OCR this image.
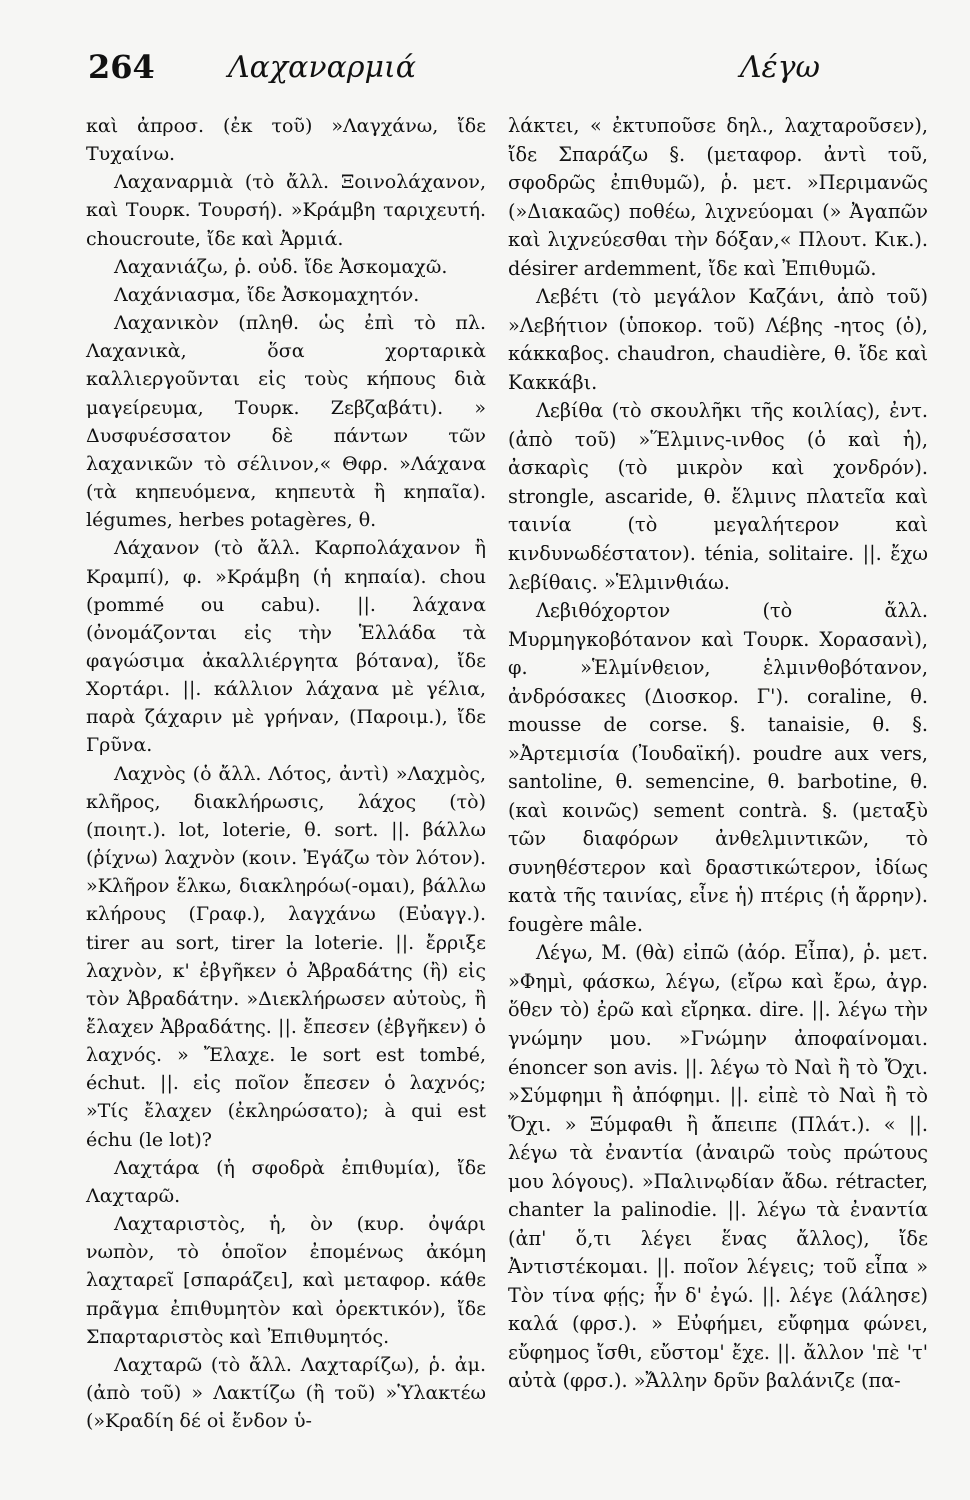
264 Λαχαναρμιά	Λέγω

καὶ ἀπροσ. (ἐκ τοῦ) »Λαγχάνω, ἴδε Τυχαίνω.

Λαχαναρμιὰ (τὸ ἄλλ. Ξοινολάχανον, καὶ Τουρκ. Τουρσή). »Κράμβη ταριχευτή. choucroute, ἴδε καὶ Ἀρμιά.

Λαχανιάζω, ῥ. οὐδ. ἴδε Ἀσκομαχῶ.

Λαχάνιασμα, ἴδε Ἀσκομαχητόν.

Λαχανικὸν (πληθ. ὡς ἐπὶ τὸ πλ. Λαχανικὰ, ὅσα χορταρικὰ καλλιεργοῦνται εἰς τοὺς κήπους διὰ μαγείρευμα, Τουρκ. Ζεβζαβάτι). » Δυσφυέσσατον δὲ πάντων τῶν λαχανικῶν τὸ σέλινον,« Θφρ. »Λάχανα (τὰ κηπευόμενα, κηπευτὰ ἢ κηπαῖα). légumes, herbes potagères, θ.

Λάχανον (τὸ ἄλλ. Καρπολάχανον ἢ Κραμπί), φ. »Κράμβη (ἡ κηπαία). chou (pommé ou cabu). ||. λάχανα (ὀνομάζονται εἰς τὴν Ἑλλάδα τὰ φαγώσιμα ἀκαλλιέργητα βότανα), ἴδε Χορτάρι. ||. κάλλιον λάχανα μὲ γέλια, παρὰ ζάχαριν μὲ γρήναν, (Παροιμ.), ἴδε Γρῦνα.

Λαχνὸς (ὁ ἄλλ. Λότος, ἀντὶ) »Λαχμὸς, κλῆρος, διακλήρωσις, λάχος (τὸ) (ποιητ.). lot, loterie, θ. sort. ||. βάλλω (ῥίχνω) λαχνὸν (κοιν. Ἐγάζω τὸν λότον). »Κλῆρον ἕλκω, διακληρόω(-ομαι), βάλλω κλήρους (Γραφ.), λαγχάνω (Εὐαγγ.). tirer au sort, tirer la loterie. ||. ἔρριξε λαχνὸν, κ' ἐβγῆκεν ὁ Ἀβραδάτης (ἢ) εἰς τὸν Ἀβραδάτην. »Διεκλήρωσεν αὐτοὺς, ἢ ἔλαχεν Ἀβραδάτης. ||. ἔπεσεν (ἐβγῆκεν) ὁ λαχνός. » Ἔλαχε. le sort est tombé, échut. ||. εἰς ποῖον ἔπεσεν ὁ λαχνός; »Τίς ἔλαχεν (ἐκληρώσατο); à qui est échu (le lot)?

Λαχτάρα (ἡ σφοδρὰ ἐπιθυμία), ἴδε Λαχταρῶ.

Λαχταριστὸς, ἡ, ὸν (κυρ. ὀψάρι νωπὸν, τὸ ὁποῖον ἐπομένως ἀκόμη λαχταρεῖ [σπαράζει], καὶ μεταφορ. κάθε πρᾶγμα ἐπιθυμητὸν καὶ ὀρεκτικόν), ἴδε Σπαρταριστὸς καὶ Ἐπιθυμητός.

Λαχταρῶ (τὸ ἄλλ. Λαχταρίζω), ῥ. ἀμ. (ἀπὸ τοῦ) » Λακτίζω (ἢ τοῦ) »Ὑλακτέω (»Κραδίη δέ οἱ ἔνδον ὑ-

λάκτει, « ἐκτυποῦσε δηλ., λαχταροῦσεν), ἴδε Σπαράζω §. (μεταφορ. ἀντὶ τοῦ, σφοδρῶς ἐπιθυμῶ), ῥ. μετ. »Περιμανῶς (»Διακαῶς) ποθέω, λιχνεύομαι (» Ἀγαπῶν καὶ λιχνεύεσθαι τὴν δόξαν,« Πλουτ. Κικ.). désirer ardemment, ἴδε καὶ Ἐπιθυμῶ.

Λεβέτι (τὸ μεγάλον Καζάνι, ἀπὸ τοῦ) »Λεβήτιον (ὑποκορ. τοῦ) Λέβης -ητος (ὁ), κάκκαβος. chaudron, chaudière, θ. ἴδε καὶ Κακκάβι.

Λεβίθα (τὸ σκουλῆκι τῆς κοιλίας), ἐντ. (ἀπὸ τοῦ) »Ἕλμινς-ινθος (ὁ καὶ ἡ), ἀσκαρὶς (τὸ μικρὸν καὶ χονδρόν). strongle, ascaride, θ. ἕλμινς πλατεῖα καὶ ταινία (τὸ μεγαλήτερον καὶ κινδυνωδέστατον). ténia, solitaire. ||. ἔχω λεβίθαις. »Ἑλμινθιάω.

Λεβιθόχορτον (τὸ ἄλλ. Μυρμηγκοβότανον καὶ Τουρκ. Χορασανὶ), φ. »Ἑλμίνθειον, ἑλμινθοβότανον, ἀνδρόσακες (Διοσκορ. Γ'). coraline, θ. mousse de corse. §. tanaisie, θ. §. »Ἀρτεμισία (Ἰουδαϊκή). poudre aux vers, santoline, θ. semencine, θ. barbotine, θ. (καὶ κοινῶς) sement contrà. §. (μεταξὺ τῶν διαφόρων ἀνθελμιντικῶν, τὸ συνηθέστερον καὶ δραστικώτερον, ἰδίως κατὰ τῆς ταινίας, εἶνε ἡ) πτέρις (ἡ ἄρρην). fougère mâle.

Λέγω, Μ. (θὰ) εἰπῶ (ἀόρ. Εἶπα), ῥ. μετ. »Φημὶ, φάσκω, λέγω, (εἴρω καὶ ἔρω, ἀγρ. ὅθεν τὸ) ἐρῶ καὶ εἴρηκα. dire. ||. λέγω τὴν γνώμην μου. »Γνώμην ἀποφαίνομαι. énoncer son avis. ||. λέγω τὸ Ναὶ ἢ τὸ Ὄχι. »Σύμφημι ἢ ἀπόφημι. ||. εἰπὲ τὸ Ναὶ ἢ τὸ Ὄχι. » Ξύμφαθι ἢ ἄπειπε (Πλάτ.). « ||. λέγω τὰ ἐναντία (ἀναιρῶ τοὺς πρώτους μου λόγους). »Παλινῳδίαν ἄδω. rétracter, chanter la palinodie. ||. λέγω τὰ ἐναντία (ἀπ' ὅ,τι λέγει ἕνας ἄλλος), ἴδε Ἀντιστέκομαι. ||. ποῖον λέγεις; τοῦ εἶπα » Τὸν τίνα φῄς; ἦν δ' ἐγώ. ||. λέγε (λάλησε) καλά (φρσ.). » Εὐφήμει, εὔφημα φώνει, εὔφημος ἴσθι, εὔστομ' ἔχε. ||. ἄλλον 'πὲ 'τ' αὐτὰ (φρσ.). »Ἄλλην δρῦν βαλάνιζε (πα-
